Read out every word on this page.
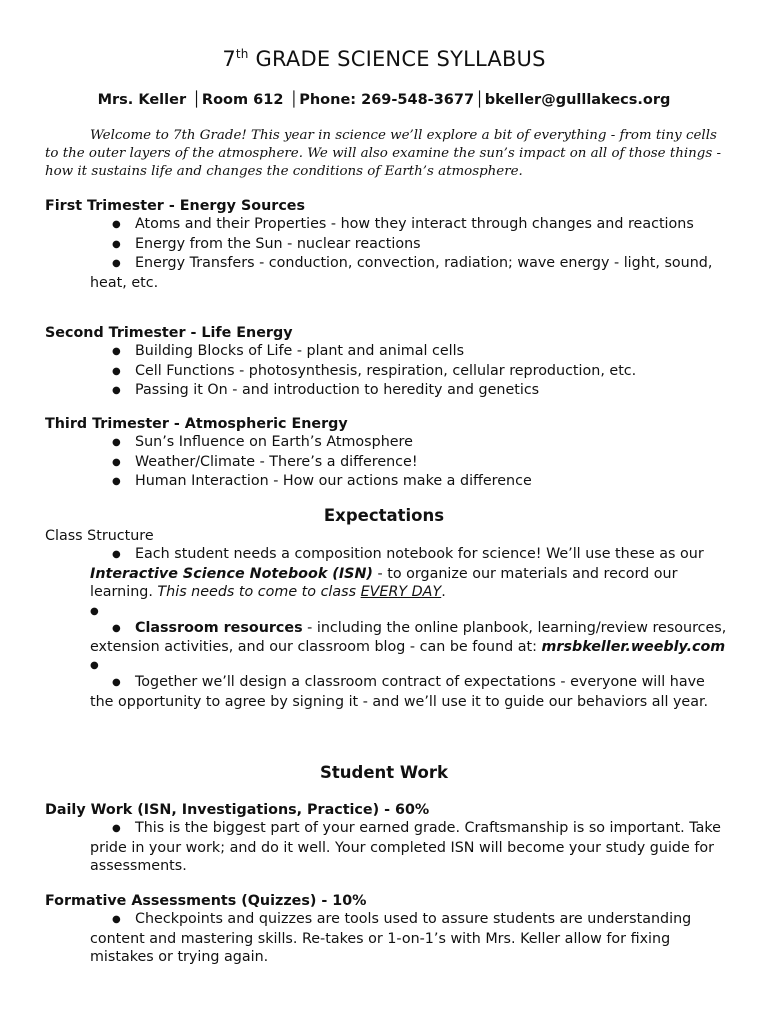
7th GRADE SCIENCE SYLLABUS
Mrs. Keller │Room 612 │Phone: 269-548-3677│bkeller@gulllakecs.org

Welcome to 7th Grade! This year in science we’ll explore a bit of everything - from tiny cells to the outer layers of the atmosphere. We will also examine the sun’s impact on all of those things - how it sustains life and changes the conditions of Earth’s atmosphere.

First Trimester - Energy Sources
● Atoms and their Properties - how they interact through changes and reactions
● Energy from the Sun - nuclear reactions
● Energy Transfers - conduction, convection, radiation; wave energy - light, sound, heat, etc.
Second Trimester - Life Energy
● Building Blocks of Life - plant and animal cells
● Cell Functions - photosynthesis, respiration, cellular reproduction, etc.
● Passing it On - and introduction to heredity and genetics
Third Trimester - Atmospheric Energy
● Sun’s Influence on Earth’s Atmosphere
● Weather/Climate - There’s a difference!
● Human Interaction - How our actions make a difference
Expectations
Class Structure
● Each student needs a composition notebook for science! We’ll use these as our Interactive Science Notebook (ISN) - to organize our materials and record our learning. This needs to come to class EVERY DAY.
●
● Classroom resources - including the online planbook, learning/review resources, extension activities, and our classroom blog - can be found at: mrsbkeller.weebly.com
●
● Together we’ll design a classroom contract of expectations - everyone will have the opportunity to agree by signing it - and we’ll use it to guide our behaviors all year.
Student Work
Daily Work (ISN, Investigations, Practice) - 60%
● This is the biggest part of your earned grade. Craftsmanship is so important. Take pride in your work; and do it well. Your completed ISN will become your study guide for assessments.
Formative Assessments (Quizzes) - 10%
● Checkpoints and quizzes are tools used to assure students are understanding content and mastering skills. Re-takes or 1-on-1’s with Mrs. Keller allow for fixing mistakes or trying again.
